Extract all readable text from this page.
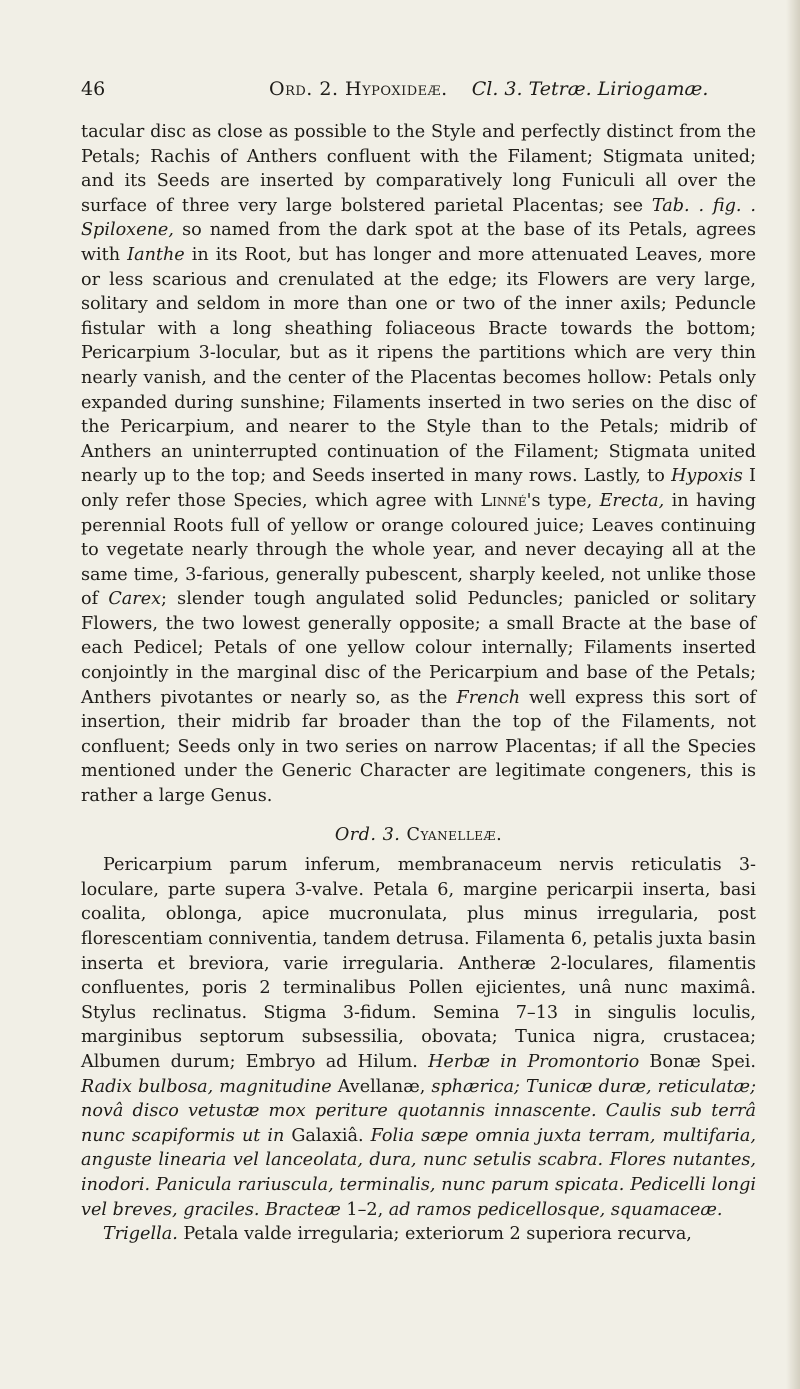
46	Ord. 2. Hypoxideæ. Cl. 3. Tetræ. Liriogamæ.

tacular disc as close as possible to the Style and perfectly distinct from the Petals; Rachis of Anthers confluent with the Filament; Stigmata united; and its Seeds are inserted by comparatively long Funiculi all over the surface of three very large bolstered parietal Placentas; see Tab. . fig. . Spiloxene, so named from the dark spot at the base of its Petals, agrees with Ianthe in its Root, but has longer and more attenuated Leaves, more or less scarious and crenulated at the edge; its Flowers are very large, solitary and seldom in more than one or two of the inner axils; Peduncle fistular with a long sheathing foliaceous Bracte towards the bottom; Pericarpium 3-locular, but as it ripens the partitions which are very thin nearly vanish, and the center of the Placentas becomes hollow: Petals only expanded during sunshine; Filaments inserted in two series on the disc of the Pericarpium, and nearer to the Style than to the Petals; midrib of Anthers an uninterrupted continuation of the Filament; Stigmata united nearly up to the top; and Seeds inserted in many rows. Lastly, to Hypoxis I only refer those Species, which agree with Linné's type, Erecta, in having perennial Roots full of yellow or orange coloured juice; Leaves continuing to vegetate nearly through the whole year, and never decaying all at the same time, 3-farious, generally pubescent, sharply keeled, not unlike those of Carex; slender tough angulated solid Peduncles; panicled or solitary Flowers, the two lowest generally opposite; a small Bracte at the base of each Pedicel; Petals of one yellow colour internally; Filaments inserted conjointly in the marginal disc of the Pericarpium and base of the Petals; Anthers pivotantes or nearly so, as the French well express this sort of insertion, their midrib far broader than the top of the Filaments, not confluent; Seeds only in two series on narrow Placentas; if all the Species mentioned under the Generic Character are legitimate congeners, this is rather a large Genus.

Ord. 3. Cyanelleæ.

Pericarpium parum inferum, membranaceum nervis reticulatis 3-loculare, parte supera 3-valve. Petala 6, margine pericarpii inserta, basi coalita, oblonga, apice mucronulata, plus minus irregularia, post florescentiam conniventia, tandem detrusa. Filamenta 6, petalis juxta basin inserta et breviora, varie irregularia. Antheræ 2-loculares, filamentis confluentes, poris 2 terminalibus Pollen ejicientes, unâ nunc maximâ. Stylus reclinatus. Stigma 3-fidum. Semina 7–13 in singulis loculis, marginibus septorum subsessilia, obovata; Tunica nigra, crustacea; Albumen durum; Embryo ad Hilum. Herbæ in Promontorio Bonæ Spei. Radix bulbosa, magnitudine Avellanæ, sphærica; Tunicæ duræ, reticulatæ; novâ disco vetustæ mox periture quotannis innascente. Caulis sub terrâ nunc scapiformis ut in Galaxiâ. Folia sæpe omnia juxta terram, multifaria, anguste linearia vel lanceolata, dura, nunc setulis scabra. Flores nutantes, inodori. Panicula rariuscula, terminalis, nunc parum spicata. Pedicelli longi vel breves, graciles. Bracteæ 1–2, ad ramos pedicellosque, squamaceæ.

Trigella. Petala valde irregularia; exteriorum 2 superiora recurva,
